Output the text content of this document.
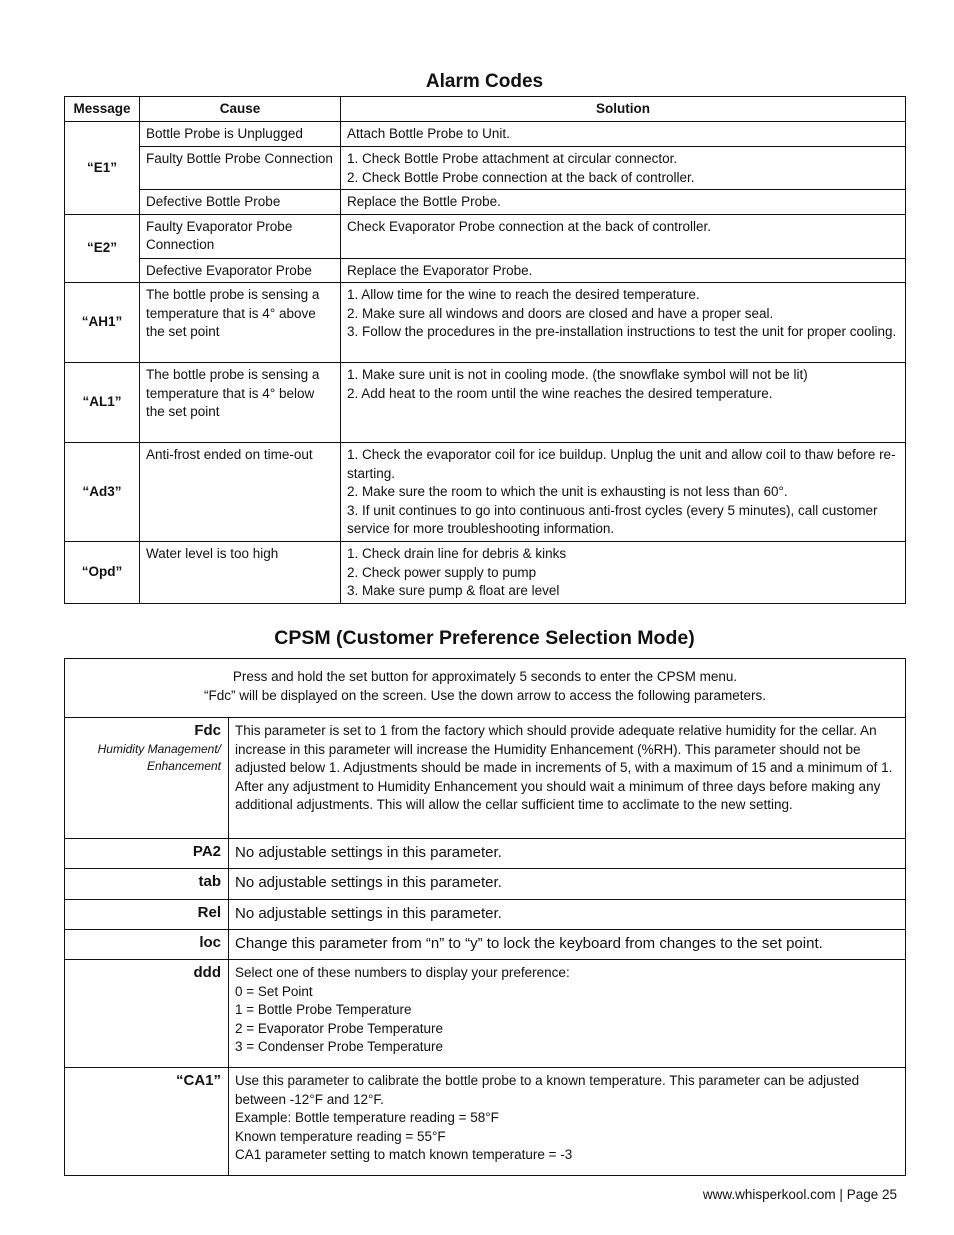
Alarm Codes
Message	Cause	Solution
“E1”	Bottle Probe is Unplugged	Attach Bottle Probe to Unit.

	Faulty Bottle Probe Connection	1. Check Bottle Probe attachment at circular connector.
2. Check Bottle Probe connection at the back of controller.

	Defective Bottle Probe	Replace the Bottle Probe.

“E2”	Faulty Evaporator Probe Connection	Check Evaporator Probe connection at the back of controller.

	Defective Evaporator Probe	Replace the Evaporator Probe.

“AH1”	The bottle probe is sensing a temperature that is 4° above the set point	1. Allow time for the wine to reach the desired temperature.
2. Make sure all windows and doors are closed and have a proper seal.
3. Follow the procedures in the pre-installation instructions to test the unit for proper cooling.

“AL1”	The bottle probe is sensing a temperature that is 4° below the set point	1. Make sure unit is not in cooling mode. (the snowflake symbol will not be lit)
2. Add heat to the room until the wine reaches the desired temperature.

“Ad3”	Anti-frost ended on time-out	1. Check the evaporator coil for ice buildup. Unplug the unit and allow coil to thaw before re-starting.
2. Make sure the room to which the unit is exhausting is not less than 60°.
3. If unit continues to go into continuous anti-frost cycles (every 5 minutes), call customer service for more troubleshooting information.

“Opd”	Water level is too high	1. Check drain line for debris & kinks
2. Check power supply to pump
3. Make sure pump & float are level
CPSM (Customer Preference Selection Mode)
Press and hold the set button for approximately 5 seconds to enter the CPSM menu.
“Fdc” will be displayed on the screen. Use the down arrow to access the following parameters.	

Fdc
Humidity Management/ Enhancement	This parameter is set to 1 from the factory which should provide adequate relative humidity for the cellar. An increase in this parameter will increase the Humidity Enhancement (%RH). This parameter should not be adjusted below 1. Adjustments should be made in increments of 5, with a maximum of 15 and a minimum of 1. After any adjustment to Humidity Enhancement you should wait a minimum of three days before making any additional adjustments. This will allow the cellar sufficient time to acclimate to the new setting.

PA2	No adjustable settings in this parameter.

tab	No adjustable settings in this parameter.

Rel	No adjustable settings in this parameter.

loc	Change this parameter from “n” to “y” to lock the keyboard from changes to the set point.

ddd	Select one of these numbers to display your preference:
0 = Set Point
1 = Bottle Probe Temperature
2 = Evaporator Probe Temperature
3 = Condenser Probe Temperature

“CA1”	Use this parameter to calibrate the bottle probe to a known temperature. This parameter can be adjusted between -12°F and 12°F.
Example: Bottle temperature reading = 58°F
Known temperature reading = 55°F
CA1 parameter setting to match known temperature = -3
www.whisperkool.com | Page 25
